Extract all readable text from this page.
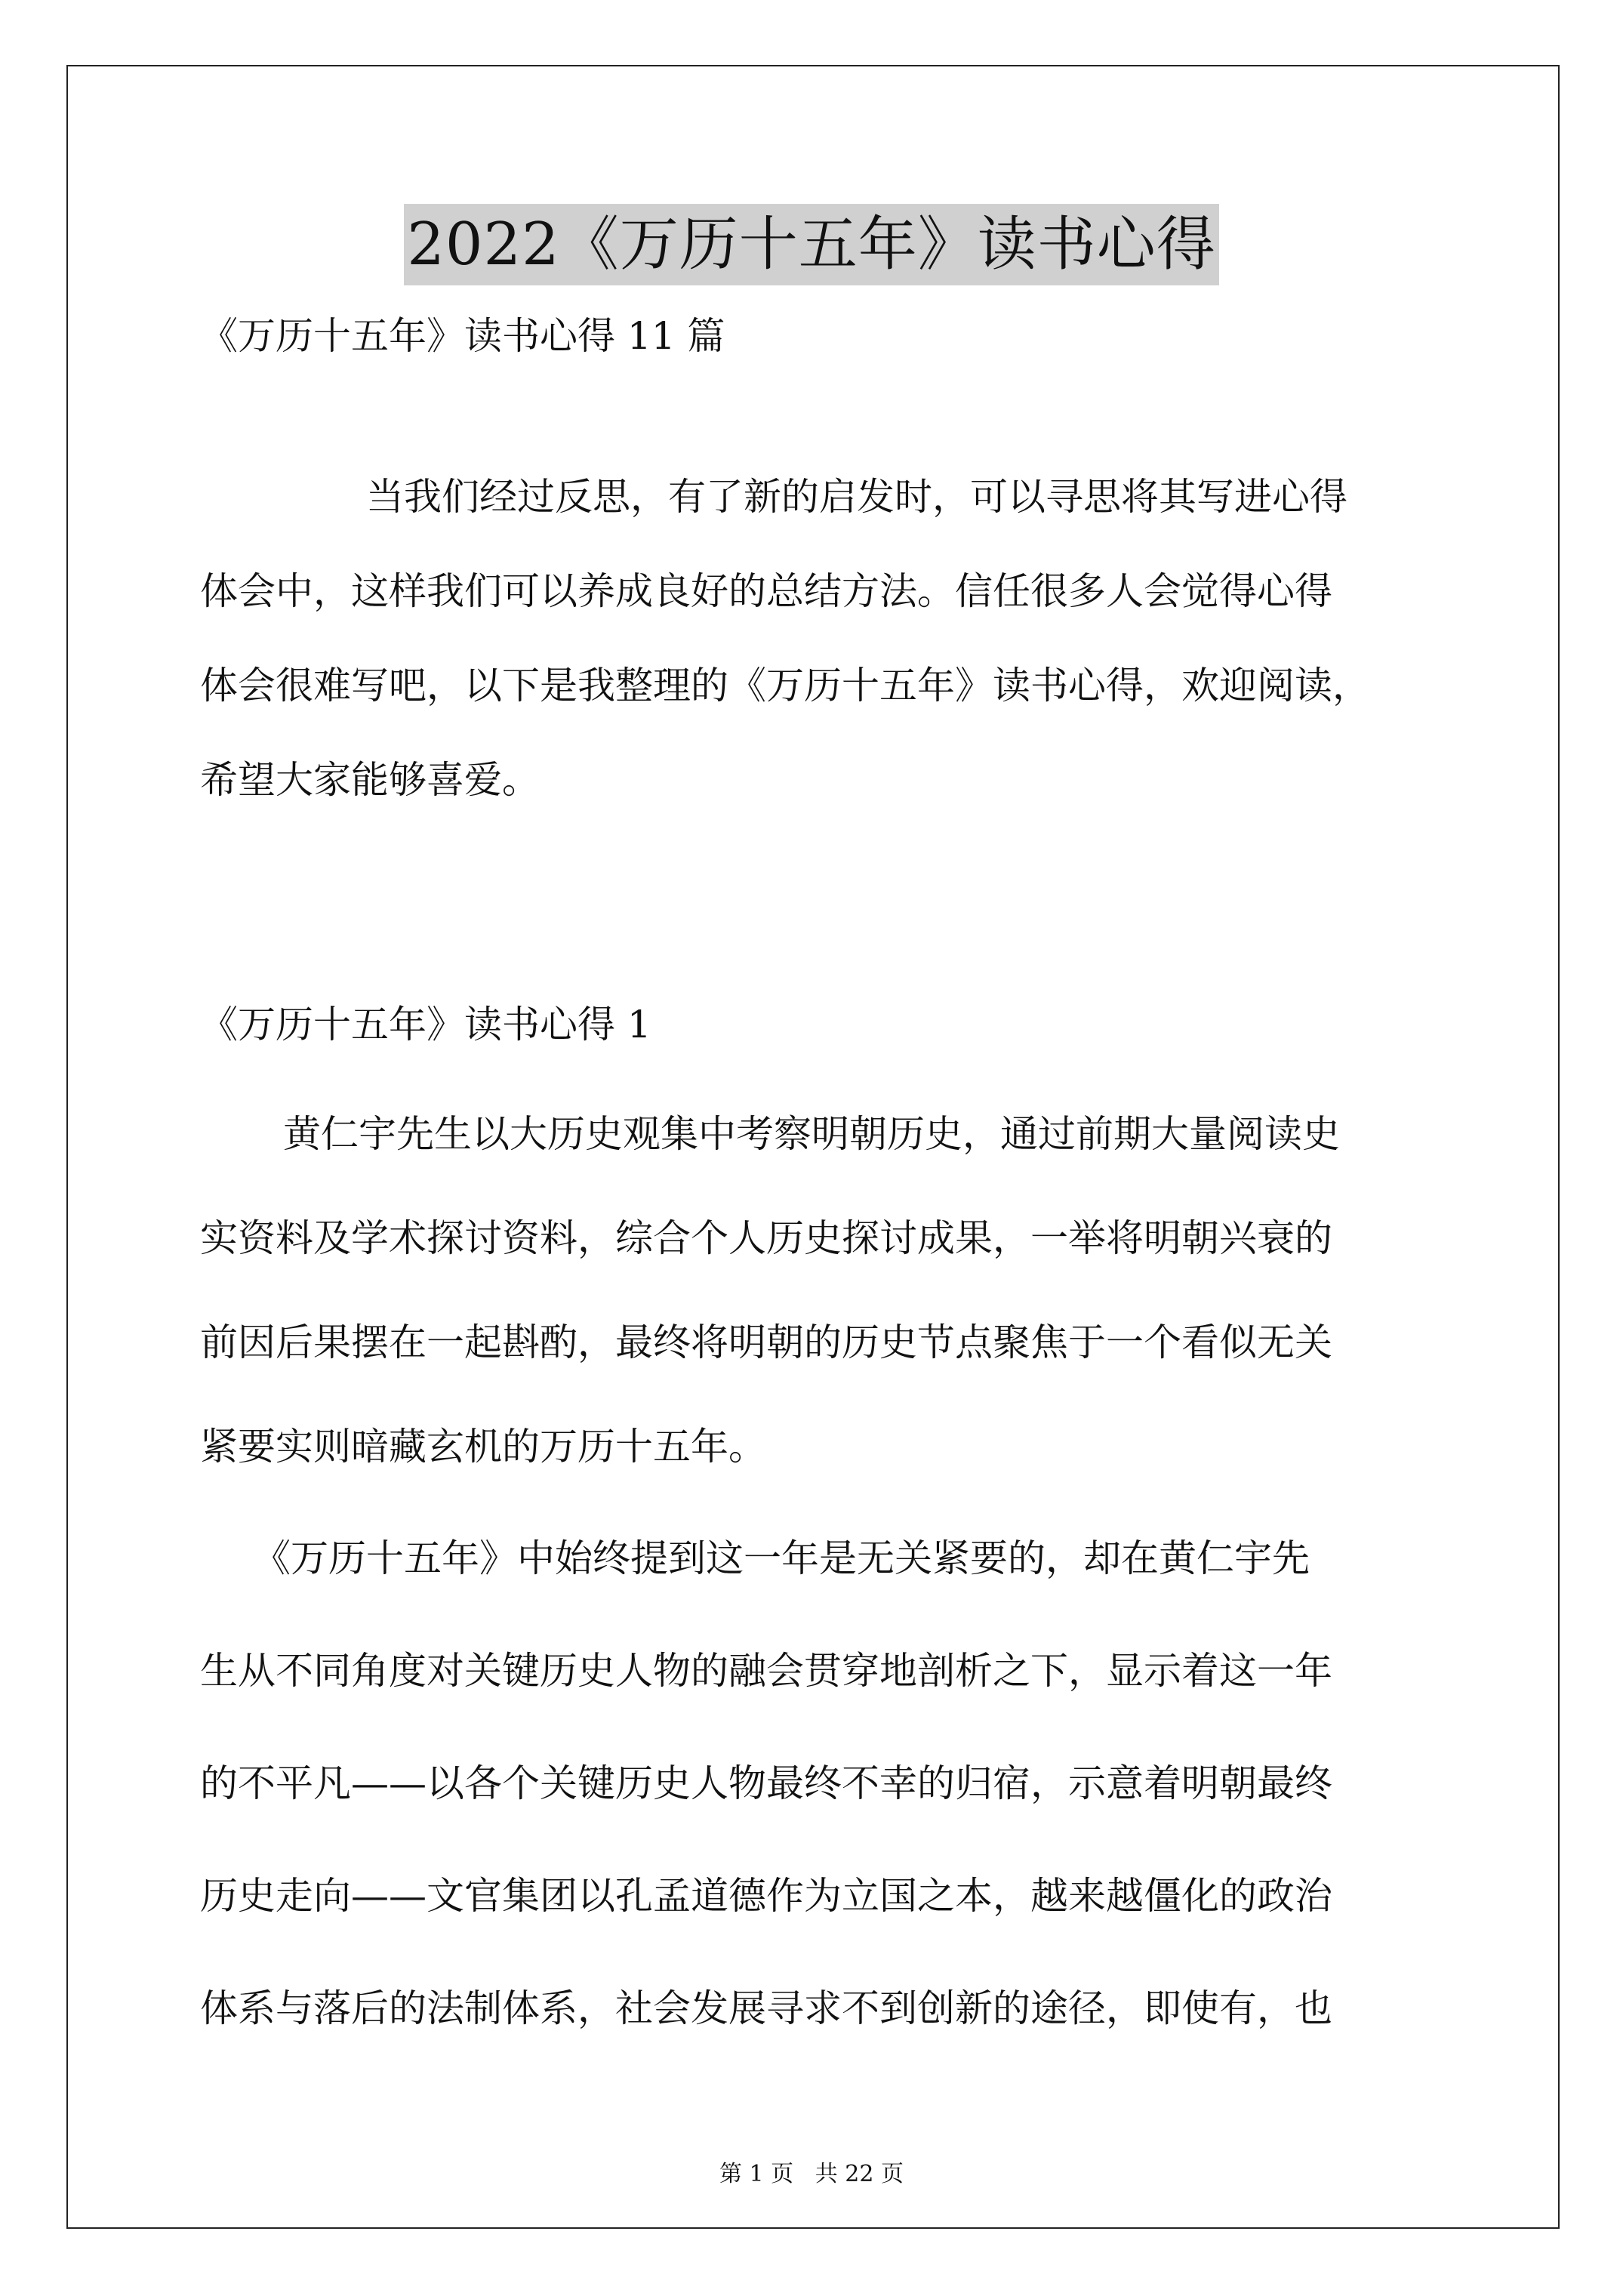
2022《万历十五年》读书心得
《万历十五年》读书心得 11 篇
当我们经过反思，有了新的启发时，可以寻思将其写进心得
体会中，这样我们可以养成良好的总结方法。信任很多人会觉得心得
体会很难写吧，以下是我整理的《万历十五年》读书心得，欢迎阅读，
希望大家能够喜爱。
《万历十五年》读书心得 1
黄仁宇先生以大历史观集中考察明朝历史，通过前期大量阅读史
实资料及学术探讨资料，综合个人历史探讨成果，一举将明朝兴衰的
前因后果摆在一起斟酌，最终将明朝的历史节点聚焦于一个看似无关
紧要实则暗藏玄机的万历十五年。
《万历十五年》中始终提到这一年是无关紧要的，却在黄仁宇先
生从不同角度对关键历史人物的融会贯穿地剖析之下，显示着这一年
的不平凡——以各个关键历史人物最终不幸的归宿，示意着明朝最终
历史走向——文官集团以孔孟道德作为立国之本，越来越僵化的政治
体系与落后的法制体系，社会发展寻求不到创新的途径，即使有，也
第 1 页   共 22 页
